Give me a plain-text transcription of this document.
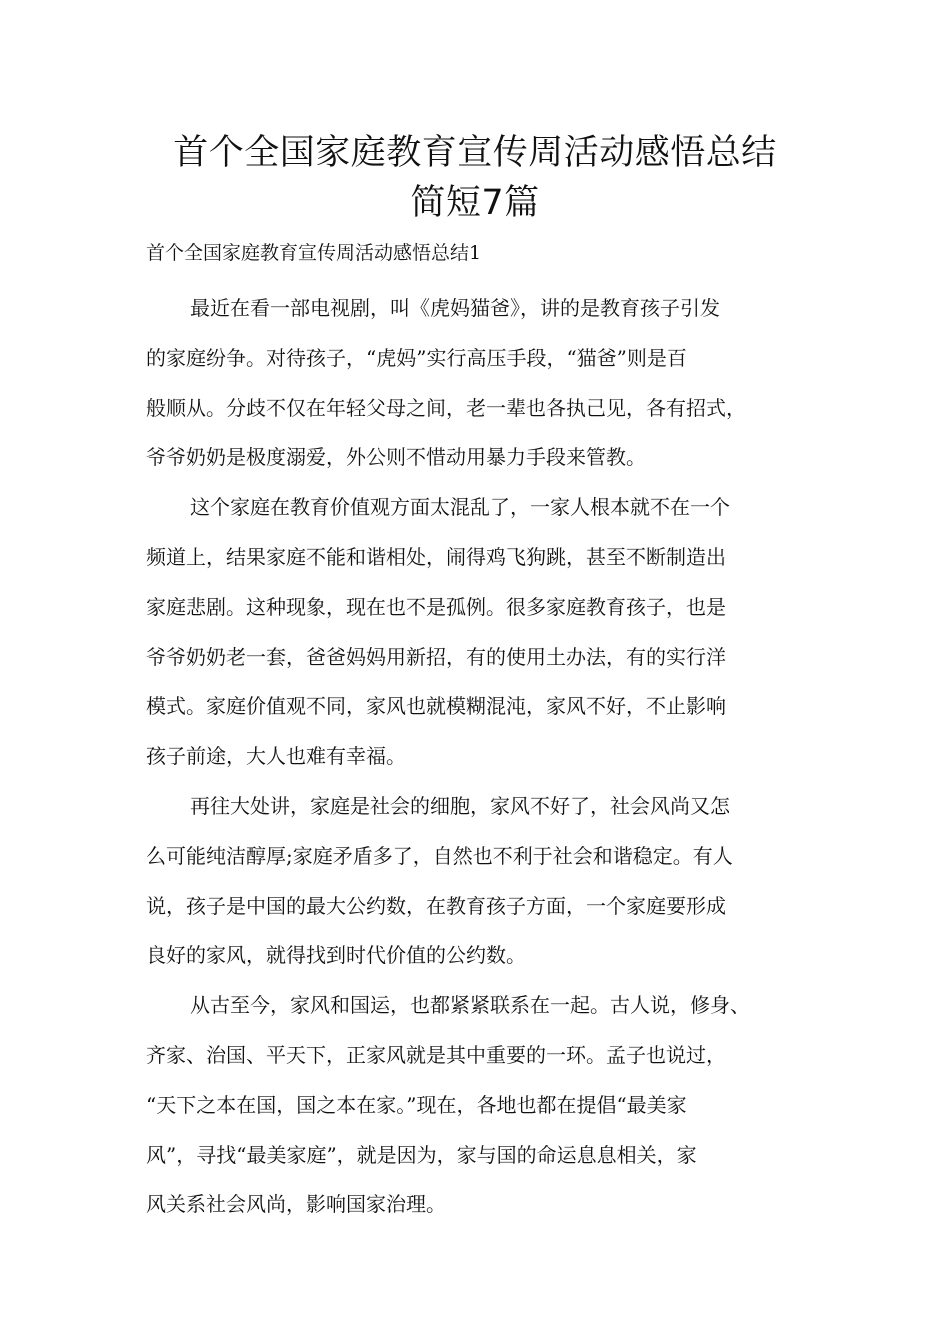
首个全国家庭教育宣传周活动感悟总结
简短7篇

首个全国家庭教育宣传周活动感悟总结1

最近在看一部电视剧，叫《虎妈猫爸》，讲的是教育孩子引发
的家庭纷争。对待孩子，“虎妈”实行高压手段，“猫爸”则是百
般顺从。分歧不仅在年轻父母之间，老一辈也各执己见，各有招式，
爷爷奶奶是极度溺爱，外公则不惜动用暴力手段来管教。

这个家庭在教育价值观方面太混乱了，一家人根本就不在一个
频道上，结果家庭不能和谐相处，闹得鸡飞狗跳，甚至不断制造出
家庭悲剧。这种现象，现在也不是孤例。很多家庭教育孩子，也是
爷爷奶奶老一套，爸爸妈妈用新招，有的使用土办法，有的实行洋
模式。家庭价值观不同，家风也就模糊混沌，家风不好，不止影响
孩子前途，大人也难有幸福。

再往大处讲，家庭是社会的细胞，家风不好了，社会风尚又怎
么可能纯洁醇厚;家庭矛盾多了，自然也不利于社会和谐稳定。有人
说，孩子是中国的最大公约数，在教育孩子方面，一个家庭要形成
良好的家风，就得找到时代价值的公约数。

从古至今，家风和国运，也都紧紧联系在一起。古人说，修身、
齐家、治国、平天下，正家风就是其中重要的一环。孟子也说过，
“天下之本在国，国之本在家。”现在，各地也都在提倡“最美家
风”，寻找“最美家庭”，就是因为，家与国的命运息息相关，家
风关系社会风尚，影响国家治理。
